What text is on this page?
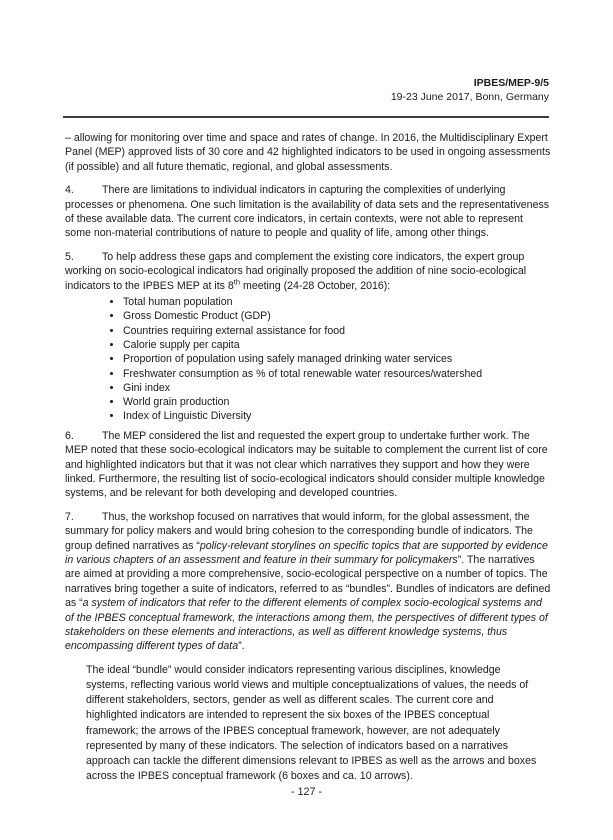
IPBES/MEP-9/5
19-23 June 2017, Bonn, Germany

– allowing for monitoring over time and space and rates of change. In 2016, the Multidisciplinary Expert Panel (MEP) approved lists of 30 core and 42 highlighted indicators to be used in ongoing assessments (if possible) and all future thematic, regional, and global assessments.

4.	There are limitations to individual indicators in capturing the complexities of underlying processes or phenomena. One such limitation is the availability of data sets and the representativeness of these available data. The current core indicators, in certain contexts, were not able to represent some non-material contributions of nature to people and quality of life, among other things.

5.	To help address these gaps and complement the existing core indicators, the expert group working on socio-ecological indicators had originally proposed the addition of nine socio-ecological indicators to the IPBES MEP at its 8th meeting (24-28 October, 2016):

• Total human population
• Gross Domestic Product (GDP)
• Countries requiring external assistance for food
• Calorie supply per capita
• Proportion of population using safely managed drinking water services
• Freshwater consumption as % of total renewable water resources/watershed
• Gini index
• World grain production
• Index of Linguistic Diversity

6.	The MEP considered the list and requested the expert group to undertake further work. The MEP noted that these socio-ecological indicators may be suitable to complement the current list of core and highlighted indicators but that it was not clear which narratives they support and how they were linked. Furthermore, the resulting list of socio-ecological indicators should consider multiple knowledge systems, and be relevant for both developing and developed countries.

7.	Thus, the workshop focused on narratives that would inform, for the global assessment, the summary for policy makers and would bring cohesion to the corresponding bundle of indicators. The group defined narratives as “policy-relevant storylines on specific topics that are supported by evidence in various chapters of an assessment and feature in their summary for policymakers”. The narratives are aimed at providing a more comprehensive, socio-ecological perspective on a number of topics. The narratives bring together a suite of indicators, referred to as “bundles”. Bundles of indicators are defined as “a system of indicators that refer to the different elements of complex socio-ecological systems and of the IPBES conceptual framework, the interactions among them, the perspectives of different types of stakeholders on these elements and interactions, as well as different knowledge systems, thus encompassing different types of data”.

The ideal “bundle” would consider indicators representing various disciplines, knowledge systems, reflecting various world views and multiple conceptualizations of values, the needs of different stakeholders, sectors, gender as well as different scales. The current core and highlighted indicators are intended to represent the six boxes of the IPBES conceptual framework; the arrows of the IPBES conceptual framework, however, are not adequately represented by many of these indicators. The selection of indicators based on a narratives approach can tackle the different dimensions relevant to IPBES as well as the arrows and boxes across the IPBES conceptual framework (6 boxes and ca. 10 arrows).

- 127 -
